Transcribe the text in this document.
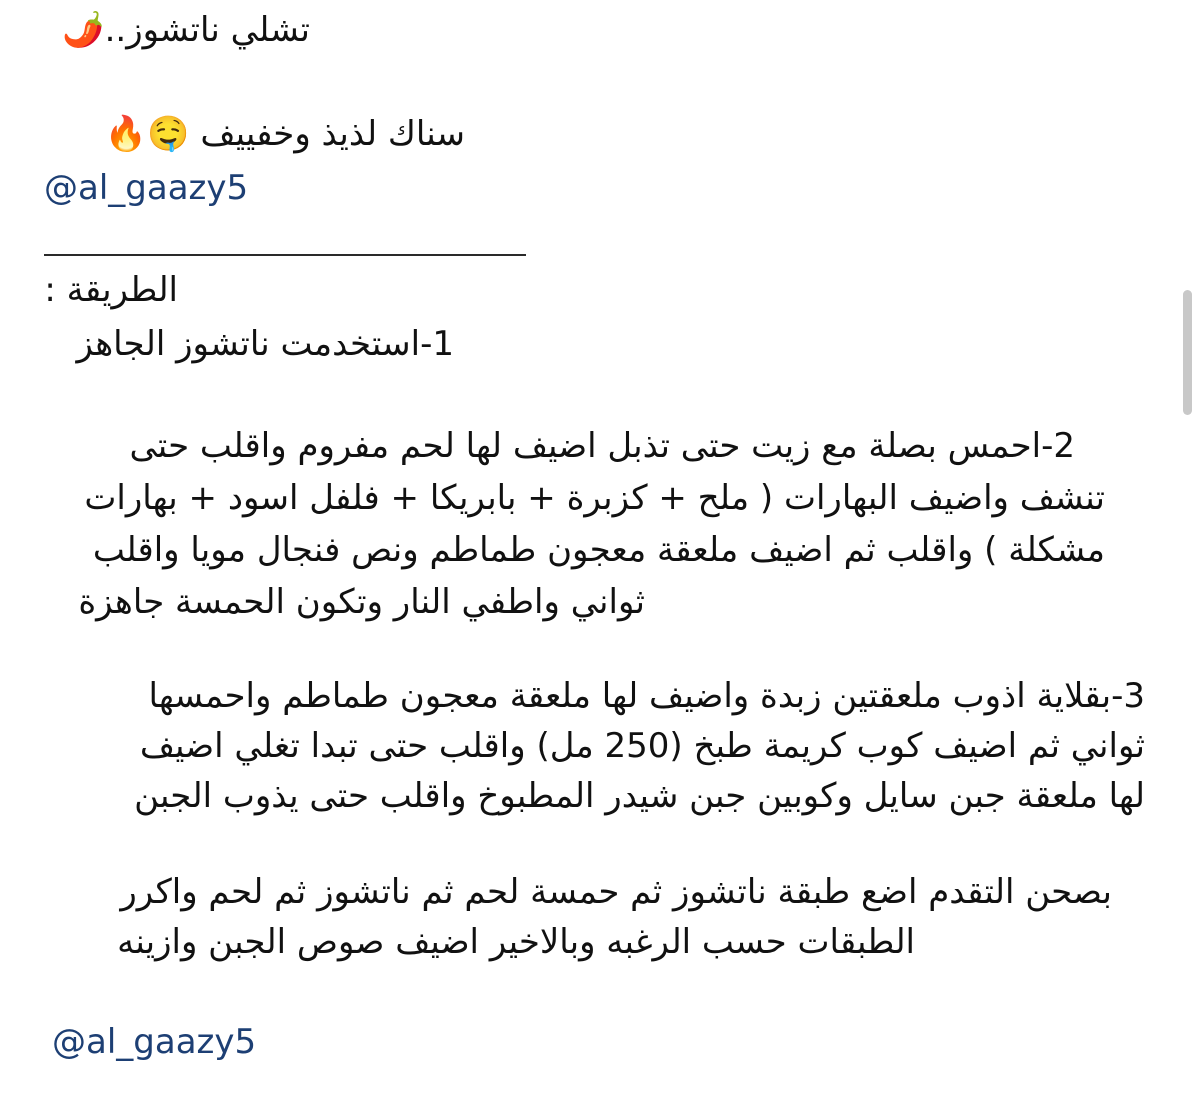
تشلي ناتشوز..🌶️
سناك لذيذ وخفييف 🤤🔥
@al_gaazy5
الطريقة :
1-استخدمت ناتشوز الجاهز
2-احمس بصلة مع زيت حتى تذبل اضيف لها لحم مفروم واقلب حتى
تنشف واضيف البهارات ( ملح + كزبرة + بابريكا + فلفل اسود + بهارات
مشكلة ) واقلب ثم اضيف ملعقة معجون طماطم ونص فنجال مويا واقلب
ثواني واطفي النار وتكون الحمسة جاهزة
3-بقلاية اذوب ملعقتين زبدة واضيف لها ملعقة معجون طماطم واحمسها
ثواني ثم اضيف كوب كريمة طبخ (250 مل) واقلب حتى تبدا تغلي اضيف
لها ملعقة جبن سايل وكوبين جبن شيدر المطبوخ واقلب حتى يذوب الجبن
بصحن التقدم اضع طبقة ناتشوز ثم حمسة لحم ثم ناتشوز ثم لحم واكرر
الطبقات حسب الرغبه وبالاخير اضيف صوص الجبن وازينه
@al_gaazy5
